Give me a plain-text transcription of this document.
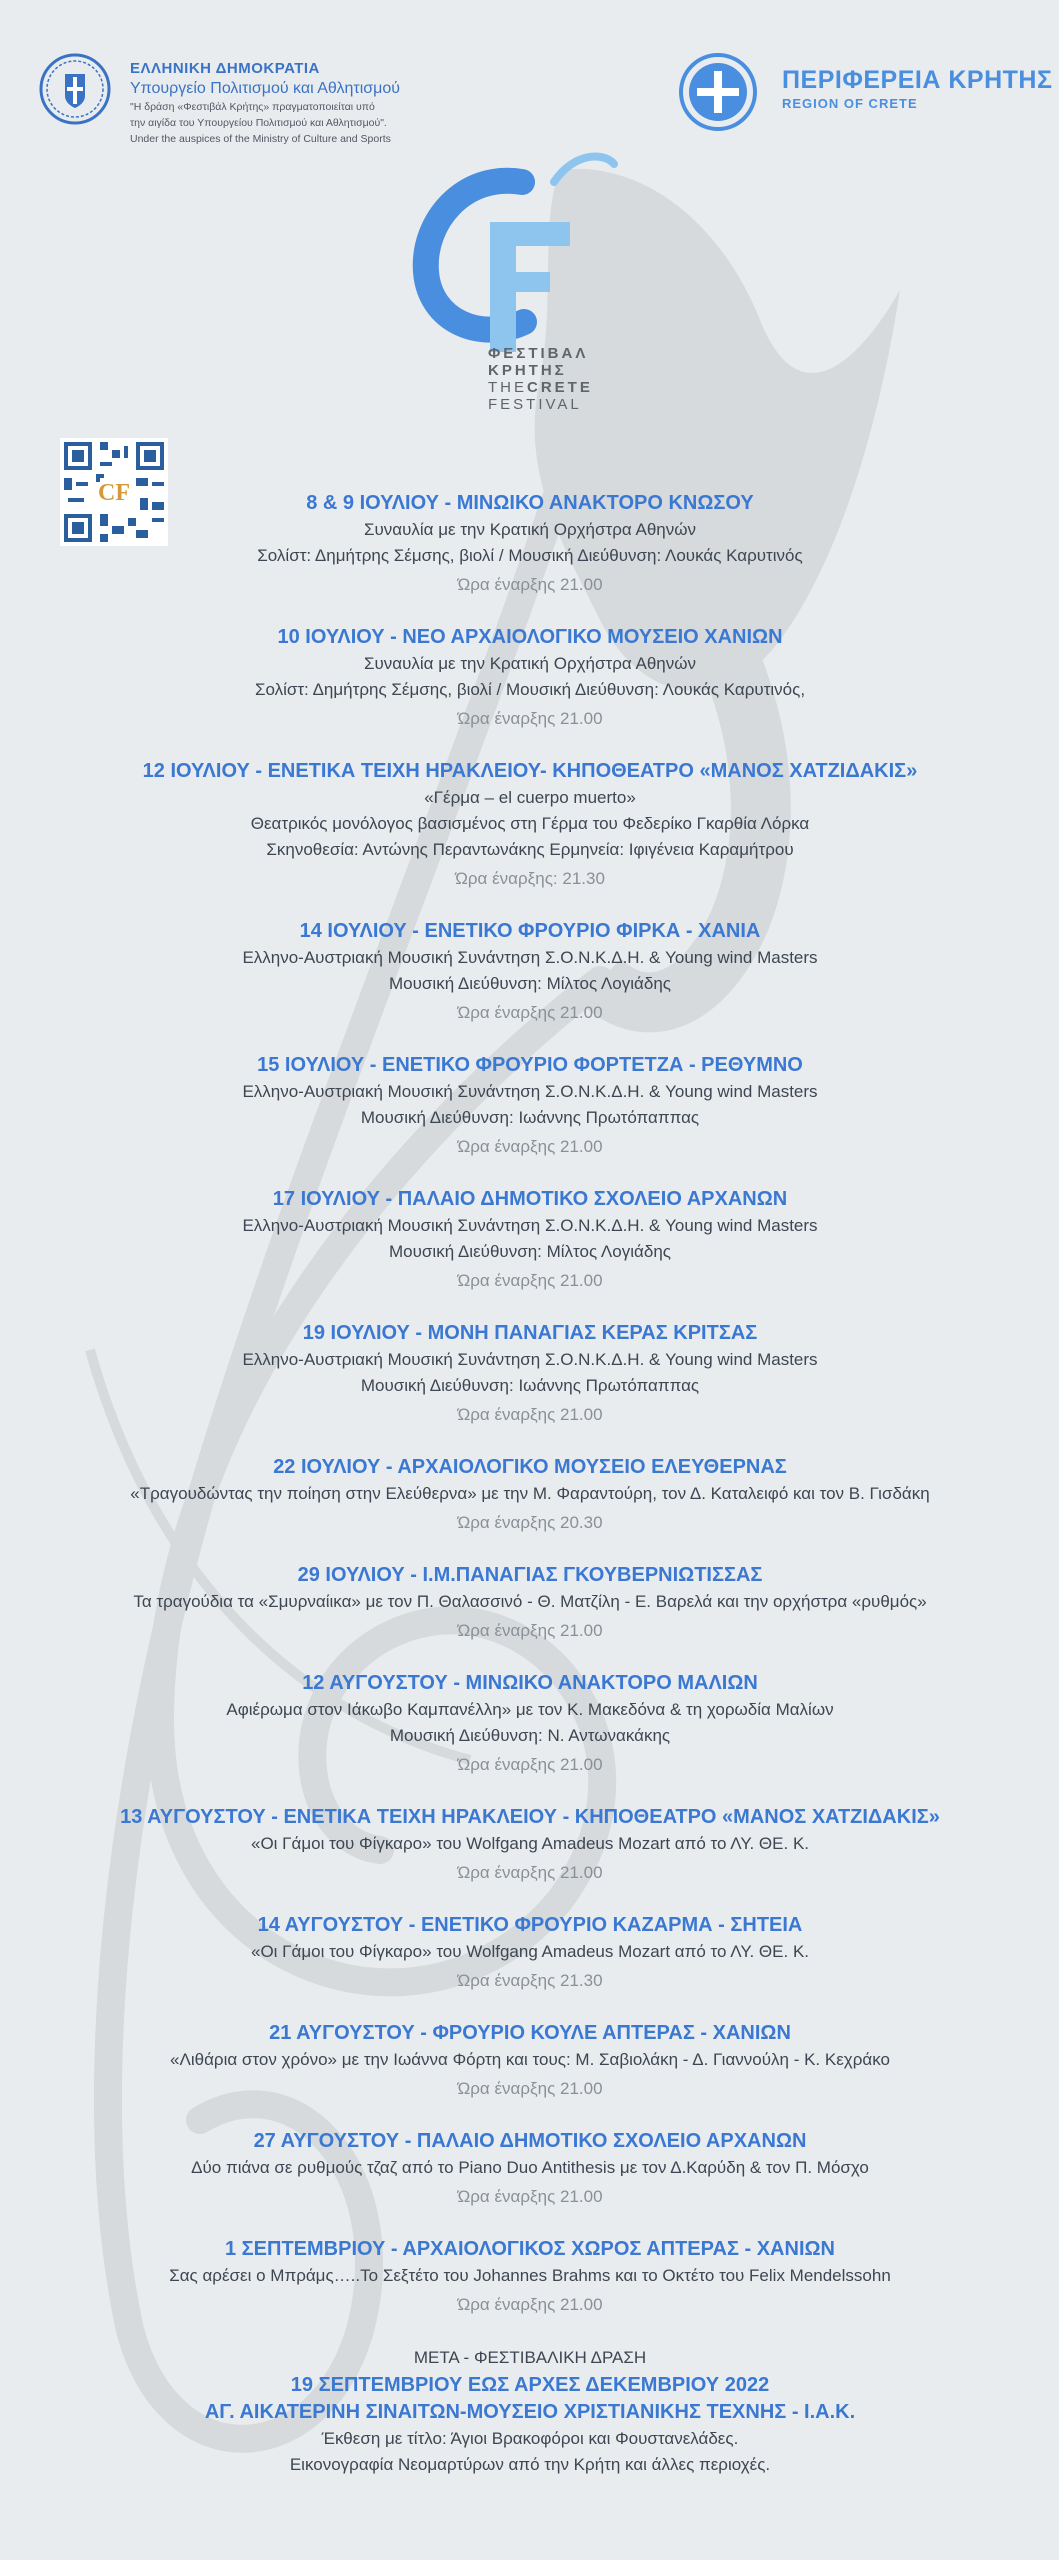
ΕΛΛΗΝΙΚΗ ΔΗΜΟΚΡΑΤΙΑ
Υπουργείο Πολιτισμού και Αθλητισμού
"Η δράση «Φεστιβάλ Κρήτης» πραγματοποιείται υπό
την αιγίδα του Υπουργείου Πολιτισμού και Αθλητισμού".
Under the auspices of the Ministry of Culture and Sports
ΠΕΡΙΦΕΡΕΙΑ ΚΡΗΤΗΣ
REGION OF CRETE
ΦΕΣΤΙΒΑΛ
ΚΡΗΤΗΣ
THECRETE
FESTIVAL
CF	8 & 9 ΙΟΥΛΙΟΥ - ΜΙΝΩΙΚΟ ΑΝΑΚΤΟΡΟ ΚΝΩΣΟΥ
Συναυλία με την Κρατική Ορχήστρα Αθηνών
Σολίστ: Δημήτρης Σέμσης, βιολί / Μουσική Διεύθυνση: Λουκάς Καρυτινός
Ώρα έναρξης 21.00
10 ΙΟΥΛΙΟΥ - ΝΕΟ ΑΡΧΑΙΟΛΟΓΙΚΟ ΜΟΥΣΕΙΟ ΧΑΝΙΩΝ
Συναυλία με την Κρατική Ορχήστρα Αθηνών
Σολίστ: Δημήτρης Σέμσης, βιολί / Μουσική Διεύθυνση: Λουκάς Καρυτινός,
Ώρα έναρξης 21.00
12 ΙΟΥΛΙΟΥ - ΕΝΕΤΙΚΑ ΤΕΙΧΗ ΗΡΑΚΛΕΙΟΥ- ΚΗΠΟΘΕΑΤΡΟ «ΜΑΝΟΣ ΧΑΤΖΙΔΑΚΙΣ»
«Γέρμα – el cuerpo muerto»
Θεατρικός μονόλογος βασισμένος στη Γέρμα του Φεδερίκο Γκαρθία Λόρκα
Σκηνοθεσία: Αντώνης Περαντωνάκης Ερμηνεία: Ιφιγένεια Καραμήτρου
Ώρα έναρξης: 21.30
14 ΙΟΥΛΙΟΥ - ΕΝΕΤΙΚΟ ΦΡΟΥΡΙΟ ΦΙΡΚΑ - ΧΑΝΙΑ
Ελληνο-Αυστριακή Μουσική Συνάντηση Σ.Ο.Ν.Κ.Δ.Η. & Young wind Masters
Μουσική Διεύθυνση: Μίλτος Λογιάδης
Ώρα έναρξης 21.00
15 ΙΟΥΛΙΟΥ - ΕΝΕΤΙΚΟ ΦΡΟΥΡΙΟ ΦΟΡΤΕΤΖΑ - ΡΕΘΥΜΝΟ
Ελληνο-Αυστριακή Μουσική Συνάντηση Σ.Ο.Ν.Κ.Δ.Η. & Young wind Masters
Μουσική Διεύθυνση: Ιωάννης Πρωτόπαππας
Ώρα έναρξης 21.00
17 ΙΟΥΛΙΟΥ - ΠΑΛΑΙΟ ΔΗΜΟΤΙΚΟ ΣΧΟΛΕΙΟ ΑΡΧΑΝΩΝ
Ελληνο-Αυστριακή Μουσική Συνάντηση Σ.Ο.Ν.Κ.Δ.Η. & Young wind Masters
Μουσική Διεύθυνση: Μίλτος Λογιάδης
Ώρα έναρξης 21.00
19 ΙΟΥΛΙΟΥ - ΜΟΝΗ ΠΑΝΑΓΙΑΣ ΚΕΡΑΣ ΚΡΙΤΣΑΣ
Ελληνο-Αυστριακή Μουσική Συνάντηση Σ.Ο.Ν.Κ.Δ.Η. & Young wind Masters
Μουσική Διεύθυνση: Ιωάννης Πρωτόπαππας
Ώρα έναρξης 21.00
22 ΙΟΥΛΙΟΥ - ΑΡΧΑΙΟΛΟΓΙΚΟ ΜΟΥΣΕΙΟ ΕΛΕΥΘΕΡΝΑΣ
«Τραγουδώντας την ποίηση στην Ελεύθερνα» με την Μ. Φαραντούρη, τον Δ. Καταλειφό και τον Β. Γισδάκη
Ώρα έναρξης 20.30
29 ΙΟΥΛΙΟΥ - Ι.Μ.ΠΑΝΑΓΙΑΣ ΓΚΟΥΒΕΡΝΙΩΤΙΣΣΑΣ
Τα τραγούδια τα «Σμυρναίικα» με τον Π. Θαλασσινό - Θ. Ματζίλη - Ε. Βαρελά και την ορχήστρα «ρυθμός»
Ώρα έναρξης 21.00
12 ΑΥΓΟΥΣΤΟΥ - ΜΙΝΩΙΚΟ ΑΝΑΚΤΟΡΟ ΜΑΛΙΩΝ
Αφιέρωμα στον Ιάκωβο Καμπανέλλη» με τον Κ. Μακεδόνα & τη χορωδία Μαλίων
Μουσική Διεύθυνση: Ν. Αντωνακάκης
Ώρα έναρξης 21.00
13 ΑΥΓΟΥΣΤΟΥ - ΕΝΕΤΙΚΑ ΤΕΙΧΗ ΗΡΑΚΛΕΙΟΥ - ΚΗΠΟΘΕΑΤΡΟ «ΜΑΝΟΣ ΧΑΤΖΙΔΑΚΙΣ»
«Οι Γάμοι του Φίγκαρο» του Wolfgang Amadeus Mozart από το ΛΥ. ΘΕ. Κ.
Ώρα έναρξης 21.00
14 ΑΥΓΟΥΣΤΟΥ - ΕΝΕΤΙΚΟ ΦΡΟΥΡΙΟ ΚΑΖΑΡΜΑ - ΣΗΤΕΙΑ
«Οι Γάμοι του Φίγκαρο» του Wolfgang Amadeus Mozart από το ΛΥ. ΘΕ. Κ.
Ώρα έναρξης 21.30
21 ΑΥΓΟΥΣΤΟΥ - ΦΡΟΥΡΙΟ ΚΟΥΛΕ ΑΠΤΕΡΑΣ - ΧΑΝΙΩΝ
«Λιθάρια στον χρόνο» με την Ιωάννα Φόρτη και τους: Μ. Σαβιολάκη - Δ. Γιαννούλη - Κ. Κεχράκο
Ώρα έναρξης 21.00
27 ΑΥΓΟΥΣΤΟΥ - ΠΑΛΑΙΟ ΔΗΜΟΤΙΚΟ ΣΧΟΛΕΙΟ ΑΡΧΑΝΩΝ
Δύο πιάνα σε ρυθμούς τζαζ από το Piano Duo Antithesis με τον Δ.Καρύδη & τον Π. Μόσχο
Ώρα έναρξης 21.00
1 ΣΕΠΤΕΜΒΡΙΟΥ - ΑΡΧΑΙΟΛΟΓΙΚΟΣ ΧΩΡΟΣ ΑΠΤΕΡΑΣ - ΧΑΝΙΩΝ
Σας αρέσει ο Μπράμς…..Το Σεξτέτο του Johannes Brahms και το Οκτέτο του Felix Mendelssohn
Ώρα έναρξης 21.00
ΜΕΤΑ - ΦΕΣΤΙΒΑΛΙΚΗ ΔΡΑΣΗ
19 ΣΕΠΤΕΜΒΡΙΟΥ ΕΩΣ ΑΡΧΕΣ ΔΕΚΕΜΒΡΙΟΥ 2022
ΑΓ. ΑΙΚΑΤΕΡΙΝΗ ΣΙΝΑΙΤΩΝ-ΜΟΥΣΕΙΟ ΧΡΙΣΤΙΑΝΙΚΗΣ ΤΕΧΝΗΣ - Ι.Α.Κ.
Έκθεση με τίτλο: Άγιοι Βρακοφόροι και Φουστανελάδες.
Εικονογραφία Νεομαρτύρων από την Κρήτη και άλλες περιοχές.
